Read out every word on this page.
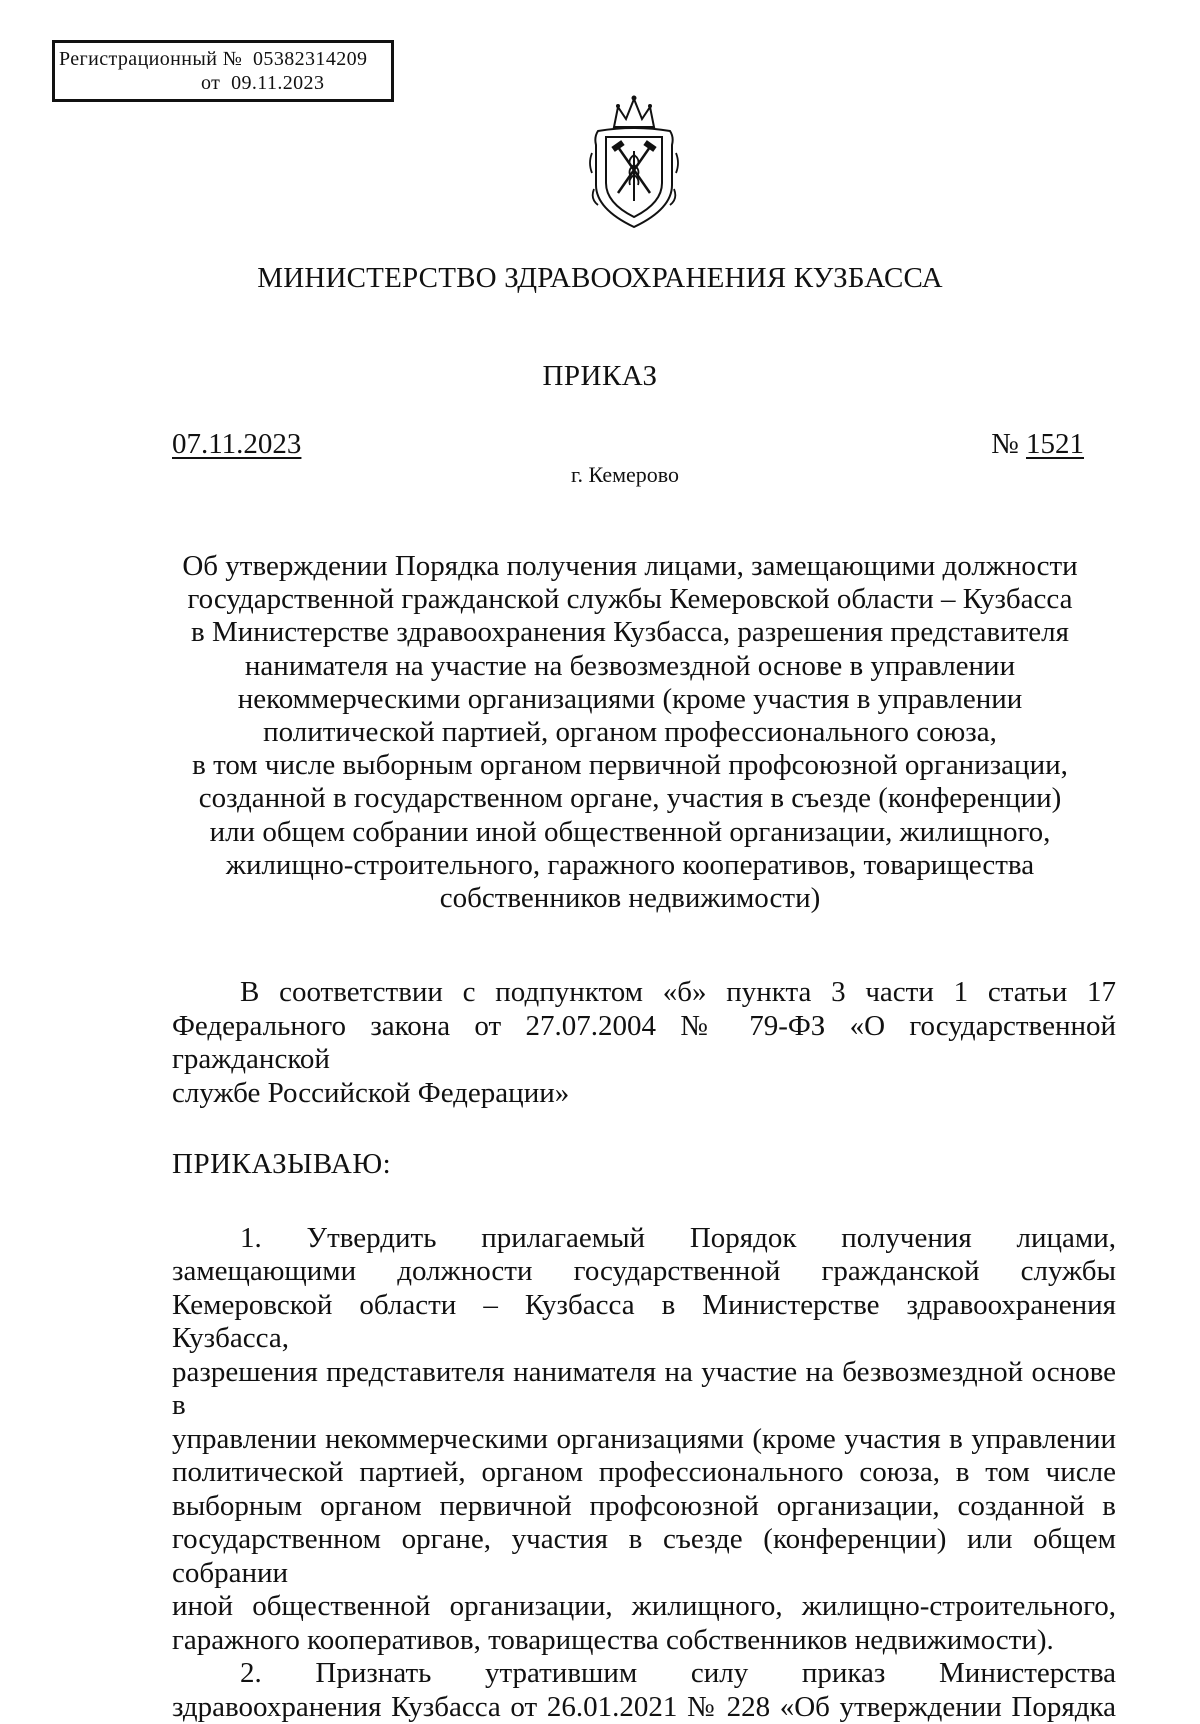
Регистрационный № 05382314209
от 09.11.2023
МИНИСТЕРСТВО ЗДРАВООХРАНЕНИЯ КУЗБАССА
ПРИКАЗ
07.11.2023	№ 1521
г. Кемерово
Об утверждении Порядка получения лицами, замещающими должности
государственной гражданской службы Кемеровской области – Кузбасса
в Министерстве здравоохранения Кузбасса, разрешения представителя
нанимателя на участие на безвозмездной основе в управлении
некоммерческими организациями (кроме участия в управлении
политической партией, органом профессионального союза,
в том числе выборным органом первичной профсоюзной организации,
созданной в государственном органе, участия в съезде (конференции)
или общем собрании иной общественной организации, жилищного,
жилищно-строительного, гаражного кооперативов, товарищества
собственников недвижимости)
В соответствии с подпунктом «б» пункта 3 части 1 статьи 17
Федерального закона от 27.07.2004 № 79-ФЗ «О государственной гражданской
службе Российской Федерации»
ПРИКАЗЫВАЮ:
1. Утвердить прилагаемый Порядок получения лицами,
замещающими должности государственной гражданской службы
Кемеровской области – Кузбасса в Министерстве здравоохранения Кузбасса,
разрешения представителя нанимателя на участие на безвозмездной основе в
управлении некоммерческими организациями (кроме участия в управлении
политической партией, органом профессионального союза, в том числе
выборным органом первичной профсоюзной организации, созданной в
государственном органе, участия в съезде (конференции) или общем собрании
иной общественной организации, жилищного, жилищно-строительного,
гаражного кооперативов, товарищества собственников недвижимости).
2. Признать утратившим силу приказ Министерства
здравоохранения Кузбасса от 26.01.2021 № 228 «Об утверждении Порядка
